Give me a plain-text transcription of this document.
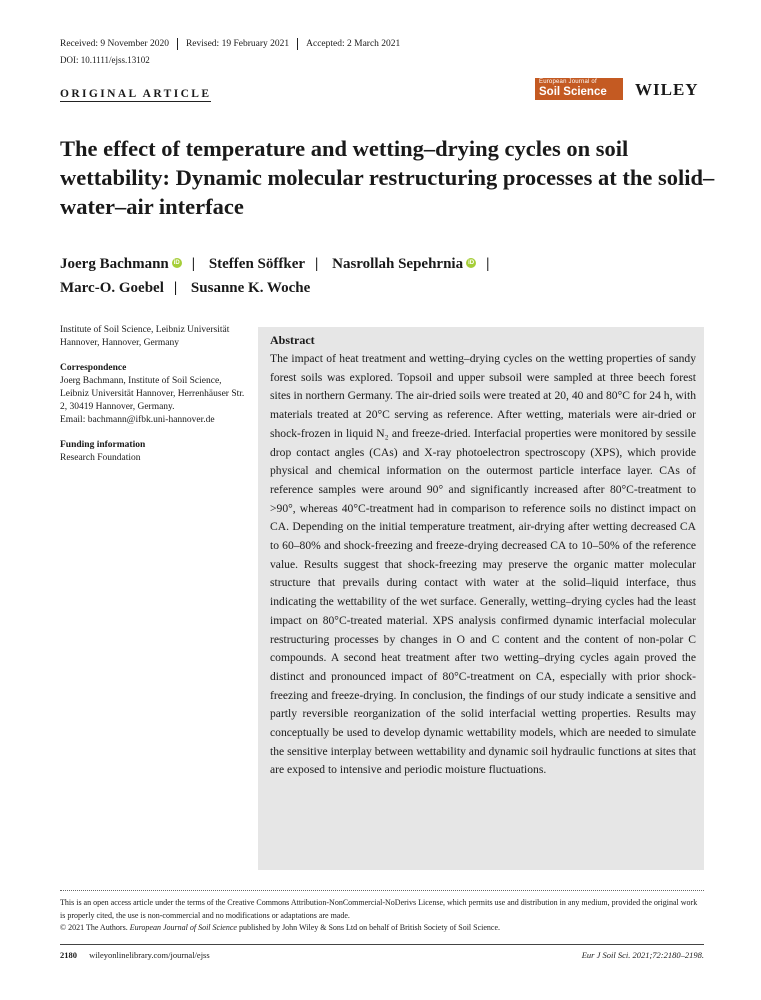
Received: 9 November 2020	Revised: 19 February 2021	Accepted: 2 March 2021
DOI: 10.1111/ejss.13102
ORIGINAL ARTICLE
European Journal of
Soil Science WILEY
The effect of temperature and wetting–drying cycles on soil wettability: Dynamic molecular restructuring processes at the solid–water–air interface
Joerg Bachmann iD | Steffen Söffker | Nasrollah Sepehrnia iD |
Marc-O. Goebel | Susanne K. Woche

Institute of Soil Science, Leibniz Universität Hannover, Hannover, Germany

Correspondence
Joerg Bachmann, Institute of Soil Science, Leibniz Universität Hannover, Herrenhäuser Str. 2, 30419 Hannover, Germany.

Email: bachmann@ifbk.uni-hannover.de

Funding information
Research Foundation
Abstract
The impact of heat treatment and wetting–drying cycles on the wetting properties of sandy forest soils was explored. Topsoil and upper subsoil were sampled at three beech forest sites in northern Germany. The air-dried soils were treated at 20, 40 and 80°C for 24 h, with materials treated at 20°C serving as reference. After wetting, materials were air-dried or shock-frozen in liquid N₂ and freeze-dried. Interfacial properties were monitored by sessile drop contact angles (CAs) and X-ray photoelectron spectroscopy (XPS), which provide physical and chemical information on the outermost particle interface layer. CAs of reference samples were around 90° and significantly increased after 80°C-treatment to >90°, whereas 40°C-treatment had in comparison to reference soils no distinct impact on CA. Depending on the initial temperature treatment, air-drying after wetting decreased CA to 60–80% and shock-freezing and freeze-drying decreased CA to 10–50% of the reference value. Results suggest that shock-freezing may preserve the organic matter molecular structure that prevails during contact with water at the solid–liquid interface, thus indicating the wettability of the wet surface. Generally, wetting–drying cycles had the least impact on 80°C-treated material. XPS analysis confirmed dynamic interfacial molecular restructuring processes by changes in O and C content and the content of non-polar C compounds. A second heat treatment after two wetting–drying cycles again proved the distinct and pronounced impact of 80°C-treatment on CA, especially with prior shock-freezing and freeze-drying. In conclusion, the findings of our study indicate a sensitive and partly reversible reorganization of the solid interfacial wetting properties. Results may conceptually be used to develop dynamic wettability models, which are needed to simulate the sensitive interplay between wettability and dynamic soil hydraulic functions at sites that are exposed to intensive and periodic moisture fluctuations.
This is an open access article under the terms of the Creative Commons Attribution-NonCommercial-NoDerivs License, which permits use and distribution in any medium, provided the original work is properly cited, the use is non-commercial and no modifications or adaptations are made.
© 2021 The Authors. European Journal of Soil Science published by John Wiley & Sons Ltd on behalf of British Society of Soil Science.
2180 wileyonlinelibrary.com/journal/ejss	Eur J Soil Sci. 2021;72:2180–2198.
